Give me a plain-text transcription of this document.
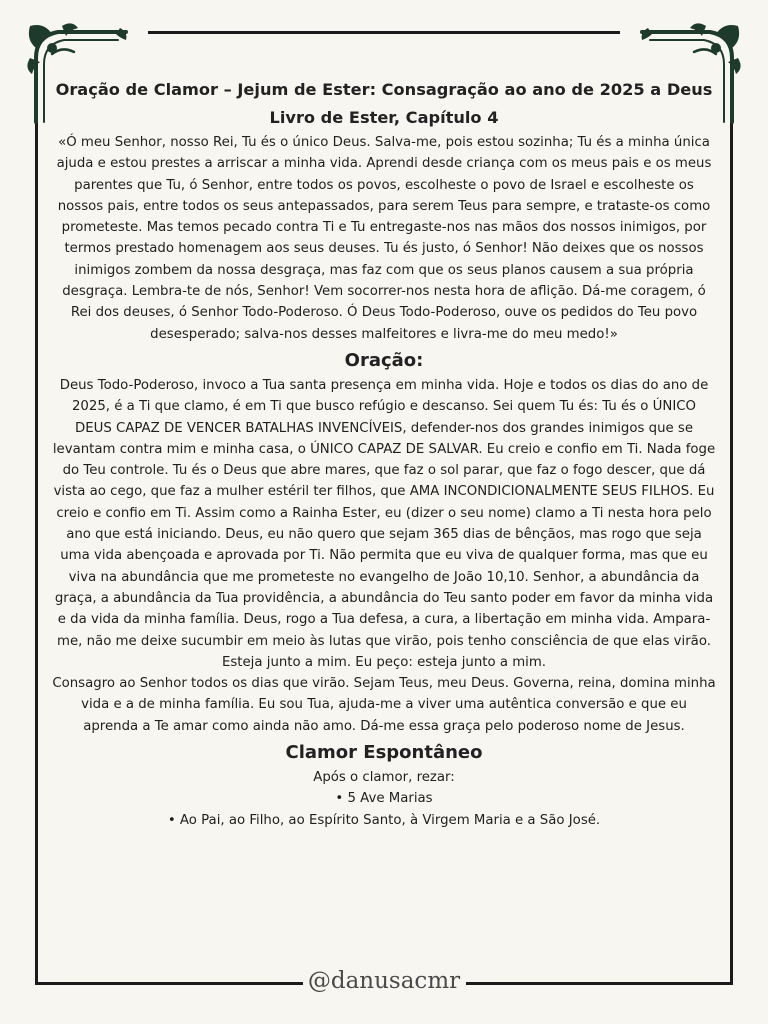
Oração de Clamor – Jejum de Ester: Consagração ao ano de 2025 a Deus
Livro de Ester, Capítulo 4

«Ó meu Senhor, nosso Rei, Tu és o único Deus. Salva-me, pois estou sozinha; Tu és a minha única ajuda e estou prestes a arriscar a minha vida. Aprendi desde criança com os meus pais e os meus parentes que Tu, ó Senhor, entre todos os povos, escolheste o povo de Israel e escolheste os nossos pais, entre todos os seus antepassados, para serem Teus para sempre, e trataste-os como prometeste. Mas temos pecado contra Ti e Tu entregaste-nos nas mãos dos nossos inimigos, por termos prestado homenagem aos seus deuses. Tu és justo, ó Senhor! Não deixes que os nossos inimigos zombem da nossa desgraça, mas faz com que os seus planos causem a sua própria desgraça. Lembra-te de nós, Senhor! Vem socorrer-nos nesta hora de aflição. Dá-me coragem, ó Rei dos deuses, ó Senhor Todo-Poderoso. Ó Deus Todo-Poderoso, ouve os pedidos do Teu povo desesperado; salva-nos desses malfeitores e livra-me do meu medo!»

Oração:

Deus Todo-Poderoso, invoco a Tua santa presença em minha vida. Hoje e todos os dias do ano de 2025, é a Ti que clamo, é em Ti que busco refúgio e descanso. Sei quem Tu és: Tu és o ÚNICO DEUS CAPAZ DE VENCER BATALHAS INVENCÍVEIS, defender-nos dos grandes inimigos que se levantam contra mim e minha casa, o ÚNICO CAPAZ DE SALVAR. Eu creio e confio em Ti. Nada foge do Teu controle. Tu és o Deus que abre mares, que faz o sol parar, que faz o fogo descer, que dá vista ao cego, que faz a mulher estéril ter filhos, que AMA INCONDICIONALMENTE SEUS FILHOS. Eu creio e confio em Ti. Assim como a Rainha Ester, eu (dizer o seu nome) clamo a Ti nesta hora pelo ano que está iniciando. Deus, eu não quero que sejam 365 dias de bênçãos, mas rogo que seja uma vida abençoada e aprovada por Ti. Não permita que eu viva de qualquer forma, mas que eu viva na abundância que me prometeste no evangelho de João 10,10. Senhor, a abundância da graça, a abundância da Tua providência, a abundância do Teu santo poder em favor da minha vida e da vida da minha família. Deus, rogo a Tua defesa, a cura, a libertação em minha vida. Ampara-me, não me deixe sucumbir em meio às lutas que virão, pois tenho consciência de que elas virão. Esteja junto a mim. Eu peço: esteja junto a mim.

Consagro ao Senhor todos os dias que virão. Sejam Teus, meu Deus. Governa, reina, domina minha vida e a de minha família. Eu sou Tua, ajuda-me a viver uma autêntica conversão e que eu aprenda a Te amar como ainda não amo. Dá-me essa graça pelo poderoso nome de Jesus.

Clamor Espontâneo

Após o clamor, rezar:

• 5 Ave Marias
• Ao Pai, ao Filho, ao Espírito Santo, à Virgem Maria e a São José.
@danusacmr
